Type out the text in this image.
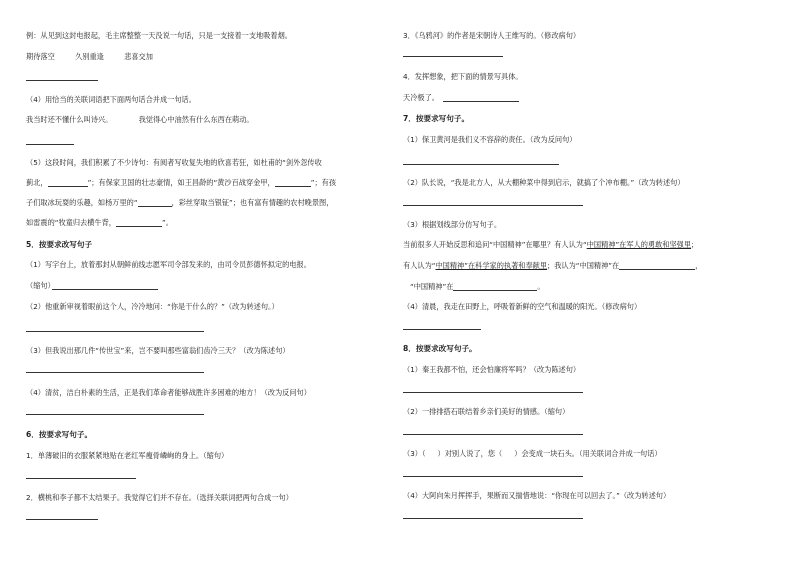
例：从见到这封电报起，毛主席整整一天没说一句话，只是一支接着一支地吸着烟。
期待落空	久别重逢	悲喜交加
（4）用恰当的关联词语把下面两句话合并成一句话。
我当时还不懂什么叫诗兴。	我觉得心中油然有什么东西在萌动。
（5）这段时间，我们积累了不少诗句：有阅者写收复失地的欣喜若狂，如杜甫的“剑外忽传收
蓟北，	”；有保家卫国的壮志豪情，如王昌龄的“黄沙百战穿金甲，	”；有孩
子们取冰玩耍的乐趣，如杨万里的“	，彩丝穿取当银钲”；也有富有情趣的农村晚景图，
如雷震的“牧童归去横牛背，	”。
5．按要求改写句子
（1）写字台上，放着那封从朝鲜前线志愿军司令部发来的，由司令员彭德怀拟定的电报。
（缩句）
（2）他重新审视着眼前这个人，冷冷地问：“你是干什么的？”（改为转述句。）
（3）但我说出那几件“传世宝”来，岂不要叫那些富翁们齿冷三天？（改为陈述句）
（4）清贫，洁白朴素的生活，正是我们革命者能够战胜许多困难的地方！（改为反问句）
6．按要求写句子。
1．单薄破旧的衣服紧紧地贴在老红军瘦骨嶙峋的身上。（缩句）
2．横桃和李子都不太结果子。我觉得它们并不存在。（选择关联词把两句合成一句）
3．《乌鸦河》的作者是宋朝诗人王维写的。（修改病句）
4．发挥想象，把下面的情景写具体。
天冷极了。
7．按要求写句子。
（1）保卫黄河是我们义不容辞的责任。（改为反问句）
（2）队长说，“我是北方人，从大棚种菜中得到启示，就搞了个冲布棚。”（改为转述句）
（3）根据划线部分仿写句子。
当前很多人开始反思和追问“中国精神”在哪里？有人认为“中国精神”在军人的勇敢和坚强里；
有人认为“中国精神”在科学家的执著和奉献里；我认为“中国精神”在	，
“中国精神”在	。
（4）清晨，我走在田野上，呼吸着新鲜的空气和温暖的阳光。（修改病句）
8．按要求改写句子。
（1）秦王我都不怕，还会怕廉将军吗？（改为陈述句）
（2）一排排搭石联结着乡亲们美好的情感。（缩句）
（3）（ ）对别人说了，您（ ）会变成一块石头。（用关联词合并成一句话）
（4）大阿向朱月挥挥手，果断而又揣惜地说：“你现在可以回去了。”（改为转述句）
